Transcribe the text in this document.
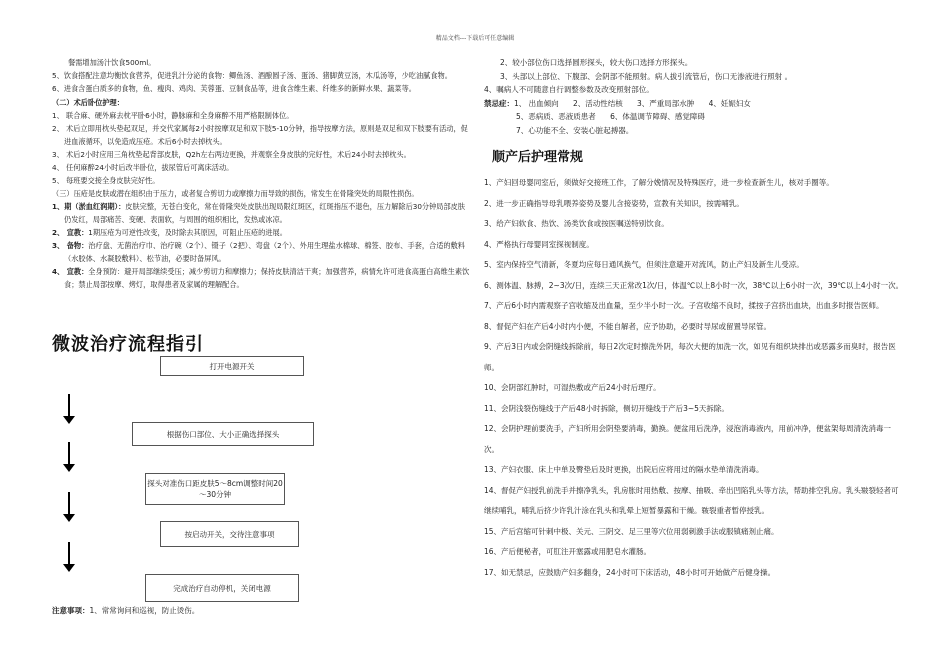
精品文档---下载后可任意编辑

餐需增加汤汁饮食500ml。

5、饮食搭配注意均衡饮食营养，促进乳汁分泌的食物：鲫鱼汤、酒酿圆子汤、蛋汤、猪脚黄豆汤，木瓜汤等，少吃油腻食物。

6、进食含蛋白质多的食物，鱼、瘦肉、鸡肉、芙蓉蛋、豆制食品等，进食含维生素、纤维多的新鲜水果、蔬菜等。

（二）术后卧位护理：

1、 联合麻、硬外麻去枕平卧6小时，静脉麻和全身麻醉不用严格限制体位。

2、 术后立即用枕头垫起双足，并交代家属每2小时按摩双足和双下肢5-10分钟，指导按摩方法，原则是双足和双下肢要有活动，促进血液循环，以免造成压疮。术后6小时去掉枕头。

3、 术后2小时应用三角枕垫起背部皮肤，Q2h左右两边更换，并观察全身皮肤的完好性，术后24小时去掉枕头。

4、 任何麻醉24小时后改半卧位，拔尿管后可离床活动。

5、 每班要交接全身皮肤完好性。

（三）压疮是皮肤或潜在组织由于压力，或者复合剪切力或摩擦力而导致的损伤，常发生在骨隆突处的局限性损伤。

1、期（淤血红润期）：皮肤完整，无苍白变化，常在骨隆突处皮肤出现局限红斑区，红斑指压不退色，压力解除后30分钟局部皮肤仍发红，局部痛苦、变硬、表面软，与周围的组织相比，发热或冰凉。

2、 宣教：1期压疮为可逆性改变，及时除去其原因，可阻止压疮的进展。

3、 备物：治疗盘、无菌治疗巾、治疗碗（2个）、镊子（2把）、弯盘（2个）、外用生理盐水棉球、棉签、胶布、手套，合适的敷料（水胶体、水凝胶敷料）、松节油，必要时备屏风。

4、 宣教：全身预防：避开局部继续受压；减少剪切力和摩擦力；保持皮肤清洁干爽；加强营养，病情允许可进食高蛋白高维生素饮食；禁止局部按摩、烤灯，取得患者及家属的理解配合。

微波治疗流程指引
打开电源开关
根据伤口部位、大小正确选择探头
探头对准伤口距皮肤5～8cm调整时间20～30分钟
按启动开关，交待注意事项
完成治疗自动停机，关闭电源
注意事项：1、常常询问和巡视，防止烫伤。

2、较小部位伤口选择圆形探头，较大伤口选择方形探头。

3、头部以上部位、下腹部、会阴部不能照射。病人拔引流管后，伤口无渗液进行照射 。

4、嘱病人不可随意自行调整参数及改变照射部位。

禁忌症：1、 出血倾向      2、活动性结核      3、严重局部水肿      4、妊娠妇女

5、恶病质、恶液质患者      6、体温调节障碍、感觉障碍

7、心功能不全、安装心脏起搏器。

顺产后护理常规

1、产妇回母婴同室后，须做好交接班工作，了解分娩情况及特殊医疗，进一步检查新生儿，核对手圈等。

2、进一步正确指导母乳喂养姿势及婴儿含接姿势，宣教有关知识，按需哺乳。

3、给产妇软食、热饮、汤类饮食或按医嘱送特别饮食。

4、严格执行母婴同室探视制度。

5、室内保持空气清新，冬夏均应每日通风换气，但须注意避开对流风，防止产妇及新生儿受凉。

6、测体温、脉搏，2~3次/日，连续三天正常改1次/日，体温℃以上8小时一次，38℃以上6小时一次，39℃以上4小时一次。

7、产后6小时内需观察子宫收缩及出血量，至少半小时一次。子宫收缩不良时，揉按子宫挤出血块，出血多时报告医师。

8、督促产妇在产后4小时内小便，不能自解者，应予协助，必要时导尿或留置导尿管。

9、产后3日内或会阴缝线拆除前，每日2次定时擦洗外阴，每次大便的加洗一次，如见有组织块排出或恶露多而臭时，报告医师。

10、会阴部红肿时，可湿热敷或产后24小时后理疗。

11、会阴浅裂伤缝线于产后48小时拆除，侧切开缝线于产后3~5天拆除。

12、会阴护理前要洗手，产妇所用会阴垫要消毒，勤换。便盆用后洗净，浸泡消毒液内，用前冲净，便盆架每周清洗消毒一次。

13、产妇衣服、床上中单及臀垫后及时更换，出院后应将用过的隔水垫单清洗消毒。

14、督促产妇授乳前洗手并擦净乳头，乳房胀时用热敷、按摩、抽吸、牵出凹陷乳头等方法，帮助排空乳房。乳头皲裂轻者可继续哺乳，哺乳后挤少许乳汁涂在乳头和乳晕上短暂暴露和干燥。皲裂重者暂停授乳。

15、产后宫缩可针刺中极、关元、三阴交、足三里等穴位用弱刺激手法或服镇痛剂止痛。

16、产后便秘者，可肛注开塞露或用肥皂水灌肠。

17、如无禁忌，应鼓励产妇多翻身，24小时可下床活动，48小时可开始做产后健身操。
